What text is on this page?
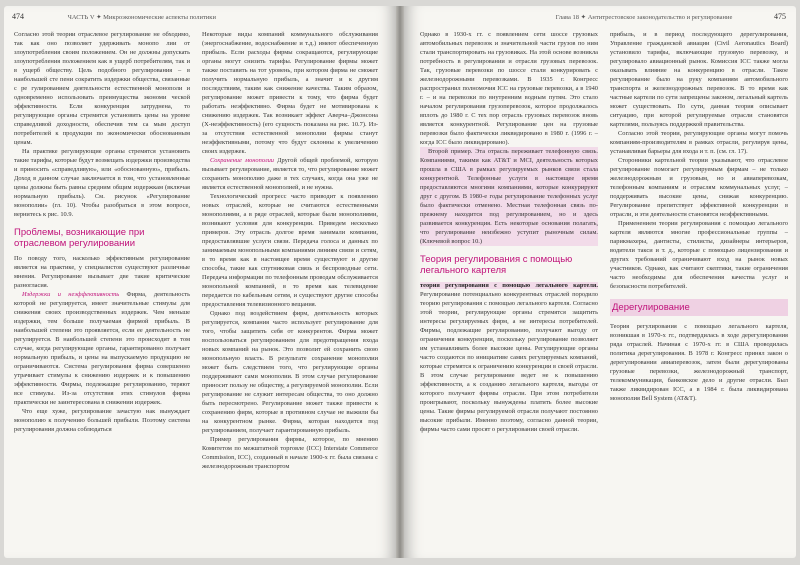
474	ЧАСТЬ V ✦ Микроэкономические аспекты политики

Согласно этой теории отраслевое регулирование не обходимо, так как оно позволяет удерживать монопо лии от злоупотребления своим положением. Он не должны допускать злоупотребления положением как в ущерб потребителям, так и в ущерб обществу. Цель подобного регулирования – в наибольшей сте пени сократить издержки общества, связанные с ре гулированием деятельности естественной монополи и одновременно использовать преимущества экономи ческой эффективности. Если конкуренция затруднена, то регулирующие органы стремятся установить цены на уровне справедливой доходности, обеспечив тем са мым доступ потребителей к продукции по экономически обоснованным ценам.

На практике регулирующие органы стремятся установить такие тарифы, которые будут возмещать издержки производства и приносить «справедливую», или «обоснованную», прибыль. Доход в данном случае заключается в том, что установленные цены должны быть равны средним общим издержкам (включая нормальную прибыль). См. рисунок «Регулирование монополии» (гл. 10). Чтобы разобраться в этом вопросе, вернитесь к рис. 10.9.

Проблемы, возникающие при отраслевом регулировании

По поводу того, насколько эффективным регулирование является на практике, у специалистов существуют различные мнения. Регулирование вызывает две такие критические разногласия.

Издержки и неэффективность Фирма, деятельность которой не регулируется, имеет значительные стимулы для снижения своих производственных издержек. Чем меньше издержки, тем больше получаемая фирмой прибыль. В наибольшей степени это проявляется, если ее деятельность не регулируется. В наибольшей степени это происходит в том случае, когда регулирующие органы, гарантированно получает нормальную прибыль, и цены на выпускаемую продукцию не ограничиваются. Система регулирования фирма совершенно утрачивает стимулы к снижению издержек и к повышению эффективности. Фирмы, подлежащие регулированию, теряют все стимулы. Из-за отсутствия этих стимулов фирма практически не заинтересована в снижении издержек.

Что еще хуже, регулирование зачастую нак вынуждает монополию к получению большей прибыли. Поэтому система регулирования должна соблюдаться

Некоторые виды компаний коммунального обслуживания (энергоснабжение, водоснабжение и т.д.) имеют обеспеченную прибыль. Если расходы фирмы сокращаются, регулирующие органы могут снизить тарифы. Регулирование фирмы может также поставить на тот уровень, при котором фирма не сможет получить нормальную прибыль, а значит и к другим последствиям, таким как снижение качества. Таким образом, регулирование может привести к тому, что фирма будет работать неэффективно. Фирма будет не мотивирована к снижению издержек. Так возникает эффект Аверча–Джонсона (X-неэффективность) (его сущность показана на рис. 10.7). Из-за отсутствия естественной монополии фирмы станут неэффективными, потому что будут склонны к увеличению своих издержек.

Сохранение монополии Другой общей проблемой, которую вызывает регулирование, является то, что регулирование может сохранить монополию даже в тех случаях, когда она уже не является естественной монополией, и не нужна.

Технологический прогресс часто приводит к появлению новых отраслей, которые не считаются естественными монополиями, а в ряде отраслей, которые были монополиями, возникают условия для конкуренции. Приведем несколько примеров. Эту отрасль долгое время занимали компании, предоставлявшие услуги связи. Передача голоса и данных по занимаемым монопольными компаниями линиям связи и сетям, в то время как в настоящее время существуют и другие способы, такие как спутниковая связь и беспроводные сети. Передача информации по телефонным проводам обслуживается монопольной компанией, в то время как телевидение передается по кабельным сетям, и существуют другие способы предоставления телевизионного вещания.

Однако под воздействием фирм, деятельность которых регулируется, компания часто использует регулирование для того, чтобы защитить себя от конкурентов. Фирма может воспользоваться регулированием для предотвращения входа новых компаний на рынок. Это позволит ей сохранить свою монопольную власть. В результате сохранение монополии может быть следствием того, что регулирующие органы поддерживают сами монополии. В этом случае регулирование приносит пользу не обществу, а регулируемой монополии. Если регулирование не служит интересам общества, то оно должно быть пересмотрено. Регулирование может также привести к сохранению фирм, которые в противном случае не выжили бы на конкурентном рынке. Фирма, которая находится под регулированием, получает гарантированную прибыль.

Пример регулирования фирмы, которое, по мнению Комитетом по межштатной торговле (ICC) Interstate Commerce Commission, ICC), созданный в начале 1900-х гг. была связана с железнодорожным транспортом

Глава 18 ✦ Антитрестовское законодательство и регулирование	475

Однако в 1930-х гг. с появлением сети шоссе грузовых автомобильных перевозок и значительной части грузов по ним стали транспортировать на грузовиках. На этой основе возникла потребность в регулировании и отрасли грузовых перевозок. Так, грузовые перевозки по шоссе стали конкурировать с железнодорожными перевозками. В 1935 г. Конгресс распространил полномочия ICC на грузовые перевозки, а в 1940 г. – и на перевозки по внутренним водным путям. Это стало началом регулирования грузоперевозок, которое продолжалось вплоть до 1980 г. С тех пор отрасль грузовых перевозок вновь является конкурентной. Регулирование цен на грузовые перевозки было фактически ликвидировано в 1980 г. (1996 г. – когда ICC было ликвидировано).

Второй пример. Эта отрасль переживает телефонную связь. Компаниями, такими как AT&T и MCI, деятельность которых прошла в США в рамках регулируемых рынков связи стала конкурентной. Телефонные услуги в настоящее время предоставляются многими компаниями, которые конкурируют друг с другом. В 1980-е годы регулирование телефонных услуг было фактически отменено. Местная телефонная связь по-прежнему находится под регулированием, но и здесь развивается конкуренция. Есть некоторые основания полагать, что регулирование неизбежно уступит рыночным силам. (Ключевой вопрос 10.)

Теория регулирования с помощью легального картеля

теория регулирования с помощью легального картеля. Регулирование потенциально конкурентных отраслей породило теорию регулирования с помощью легального картеля. Согласно этой теории, регулирующие органы стремятся защитить интересы регулируемых фирм, а не интересы потребителей. Фирмы, подлежащие регулированию, получают выгоду от ограничения конкуренции, поскольку регулирование позволяет им устанавливать более высокие цены. Регулирующие органы часто создаются по инициативе самих регулируемых компаний, которые стремятся к ограничению конкуренции в своей отрасли. В этом случае регулирование ведет не к повышению эффективности, а к созданию легального картеля, выгоды от которого получают фирмы отрасли. При этом потребители проигрывают, поскольку вынуждены платить более высокие цены. Такие фирмы регулируемой отрасли получают постоянно высокие прибыли. Именно поэтому, согласно данной теории, фирмы часто сами просят о регулировании своей отрасли.

прибыль, и в период последующего дерегулирования, Управление гражданской авиации (Civil Aeronautics Board) установило тарифы, включающие грузовую перевозку, и регулировало авиационный рынок. Комиссия ICC также могла оказывать влияние на конкуренцию в отрасли. Такое регулирование было на руку компаниям автомобильного транспорта и железнодорожных перевозок. В то время как частные картели по сути запрещены законом, легальный картель может существовать. По сути, данная теория описывает ситуацию, при которой регулируемые отрасли становятся картелями, пользуясь поддержкой правительства.

Согласно этой теории, регулирующие органы могут помочь компаниям-производителям в рамках отрасли, регулируя цены, устанавливая барьеры для входа и т. п. (см. гл. 17).

Сторонники картельной теории указывают, что отраслевое регулирование помогает регулируемым фирмам – не только железнодорожным и грузовым, но и авиаперевозкам, телефонным компаниям и отраслям коммунальных услуг, – поддерживать высокие цены, снижая конкуренцию. Регулирование препятствует эффективной конкуренции в отрасли, и эти деятельности становятся неэффективными.

Применением теории регулирования с помощью легального картеля являются многие профессиональные группы – парикмахеры, дантисты, стилисты, дизайнеры интерьеров, водители такси и т. д., которые с помощью лицензирования и других требований ограничивают вход на рынок новых участников. Однако, как считают скептики, такие ограничения часто необходимы для обеспечения качества услуг и безопасности потребителей.

Дерегулирование

Теория регулирования с помощью легального картеля, возникшая в 1970-х гг., подтвердилась в ходе дерегулирования ряда отраслей. Начиная с 1970-х гг. в США проводилась политика дерегулирования. В 1978 г. Конгресс принял закон о дерегулировании авиаперевозок, затем были дерегулированы грузовые перевозки, железнодорожный транспорт, телекоммуникации, банковское дело и другие отрасли. Был также ликвидирован ICC, а в 1984 г. была ликвидирована монополия Bell System (AT&T).
